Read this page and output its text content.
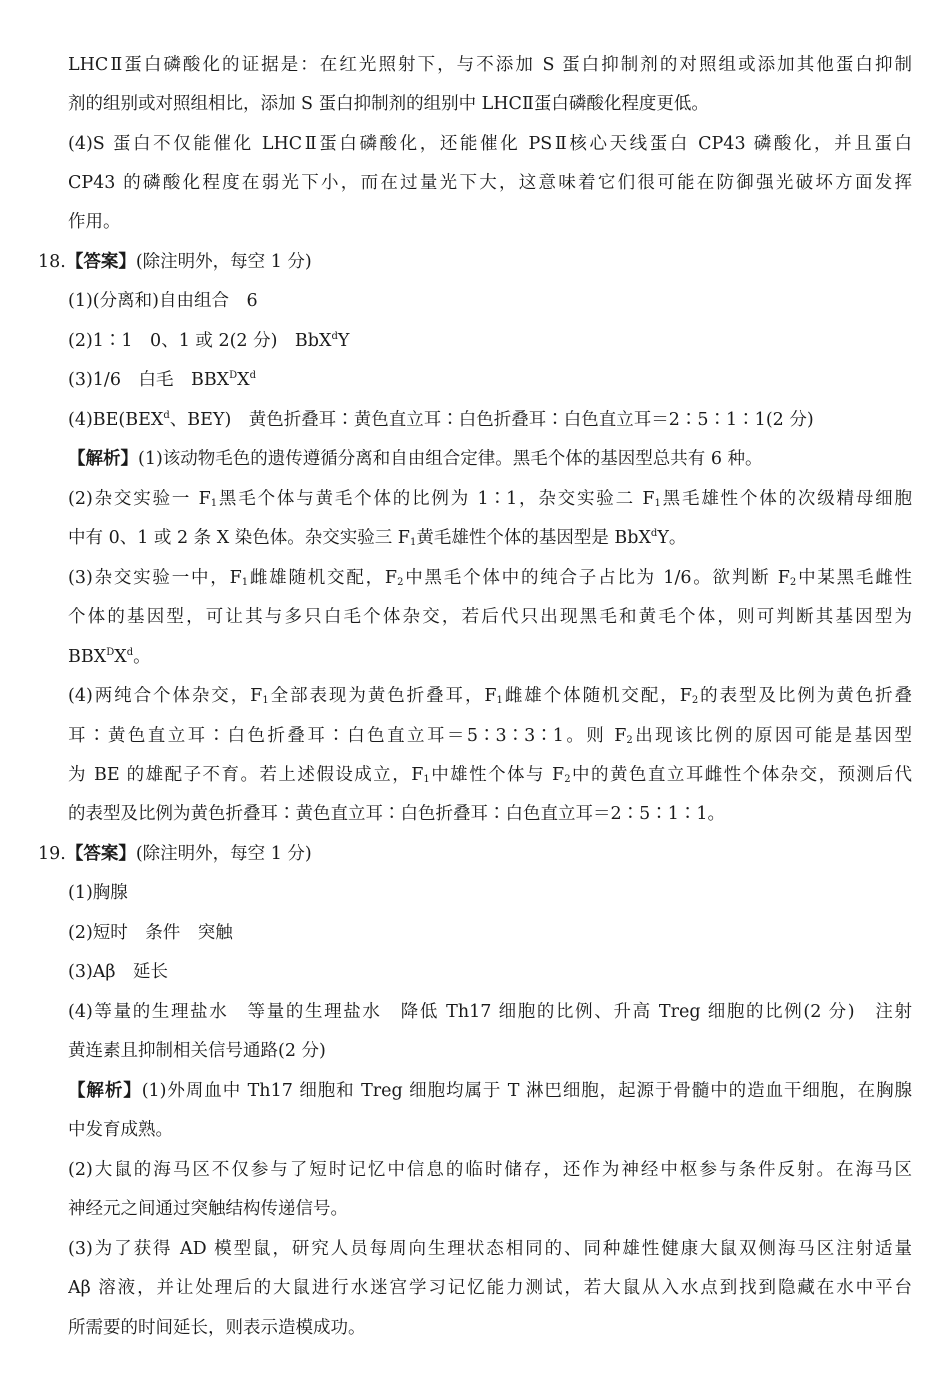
LHCⅡ蛋白磷酸化的证据是：在红光照射下，与不添加 S 蛋白抑制剂的对照组或添加其他蛋白抑制
剂的组别或对照组相比，添加 S 蛋白抑制剂的组别中 LHCⅡ蛋白磷酸化程度更低。
(4)S 蛋白不仅能催化 LHCⅡ蛋白磷酸化，还能催化 PSⅡ核心天线蛋白 CP43 磷酸化，并且蛋白
CP43 的磷酸化程度在弱光下小，而在过量光下大，这意味着它们很可能在防御强光破坏方面发挥
作用。
18.【答案】(除注明外，每空 1 分)
(1)(分离和)自由组合　6
(2)1∶1　0、1 或 2(2 分)　BbX$^d$Y
(3)1/6　白毛　$BBX^DX^d$
(4)BE(BEX$^d$、BEY)　黄色折叠耳∶黄色直立耳∶白色折叠耳∶白色直立耳＝2∶5∶1∶1(2 分)
【解析】(1)该动物毛色的遗传遵循分离和自由组合定律。黑毛个体的基因型总共有 6 种。
(2)杂交实验一 $F_1$黑毛个体与黄毛个体的比例为 1∶1，杂交实验二 $F_1$黑毛雄性个体的次级精母细胞
中有 0、1 或 2 条 X 染色体。杂交实验三 $F_1$黄毛雄性个体的基因型是 BbX$^d$Y。
(3)杂交实验一中，$F_1$雌雄随机交配，$F_2$中黑毛个体中的纯合子占比为 1/6。欲判断 $F_2$中某黑毛雌性
个体的基因型，可让其与多只白毛个体杂交，若后代只出现黑毛和黄毛个体，则可判断其基因型为
$BBX^DX^d$。
(4)两纯合个体杂交，$F_1$全部表现为黄色折叠耳，$F_1$雌雄个体随机交配，$F_2$的表型及比例为黄色折叠
耳∶黄色直立耳∶白色折叠耳∶白色直立耳＝5∶3∶3∶1。则 $F_2$出现该比例的原因可能是基因型
为 BE 的雄配子不育。若上述假设成立，$F_1$中雄性个体与 $F_2$中的黄色直立耳雌性个体杂交，预测后代
的表型及比例为黄色折叠耳∶黄色直立耳∶白色折叠耳∶白色直立耳＝2∶5∶1∶1。
19.【答案】(除注明外，每空 1 分)
(1)胸腺
(2)短时　条件　突触
(3)Aβ　延长
(4)等量的生理盐水　等量的生理盐水　降低 Th17 细胞的比例、升高 Treg 细胞的比例(2 分)　注射
黄连素且抑制相关信号通路(2 分)
【解析】(1)外周血中 Th17 细胞和 Treg 细胞均属于 T 淋巴细胞，起源于骨髓中的造血干细胞，在胸腺
中发育成熟。
(2)大鼠的海马区不仅参与了短时记忆中信息的临时储存，还作为神经中枢参与条件反射。在海马区
神经元之间通过突触结构传递信号。
(3)为了获得 AD 模型鼠，研究人员每周向生理状态相同的、同种雄性健康大鼠双侧海马区注射适量
Aβ 溶液，并让处理后的大鼠进行水迷宫学习记忆能力测试，若大鼠从入水点到找到隐藏在水中平台
所需要的时间延长，则表示造模成功。
